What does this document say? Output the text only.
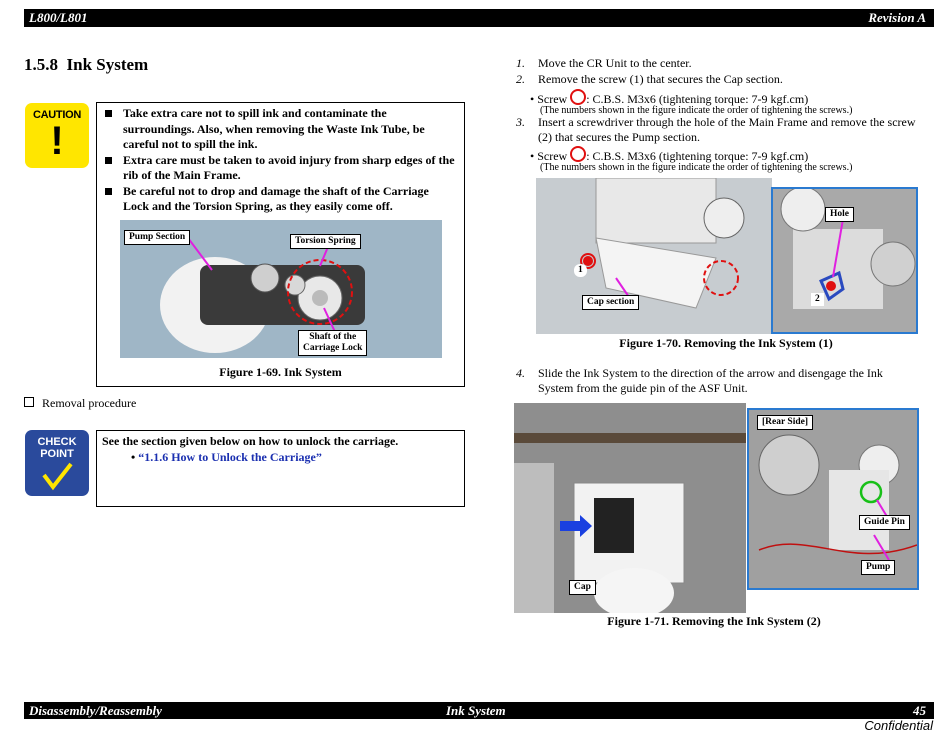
L800/L801	Revision A
1.5.8 Ink System
CAUTION
!
Take extra care not to spill ink and contaminate the surroundings. Also, when removing the Waste Ink Tube, be careful not to spill the ink.
Extra care must be taken to avoid injury from sharp edges of the rib of the Main Frame.
Be careful not to drop and damage the shaft of the Carriage Lock and the Torsion Spring, as they easily come off.
Pump Section	Torsion Spring
Shaft of the
Carriage Lock
Figure 1-69. Ink System
Removal procedure
CHECK
POINT
See the section given below on how to unlock the carriage.
• “1.1.6 How to Unlock the Carriage”
1. Move the CR Unit to the center.
2. Remove the screw (1) that secures the Cap section.
• Screw : C.B.S. M3x6 (tightening torque: 7-9 kgf.cm)
(The numbers shown in the figure indicate the order of tightening the screws.)
3. Insert a screwdriver through the hole of the Main Frame and remove the screw
(2) that secures the Pump section.
• Screw : C.B.S. M3x6 (tightening torque: 7-9 kgf.cm)
(The numbers shown in the figure indicate the order of tightening the screws.)
1
Cap section
Hole
2
Figure 1-70. Removing the Ink System (1)
4. Slide the Ink System to the direction of the arrow and disengage the Ink
System from the guide pin of the ASF Unit.
Cap
[Rear Side]
Guide Pin
Pump
Figure 1-71. Removing the Ink System (2)
Disassembly/Reassembly	Ink System	45
Confidential
